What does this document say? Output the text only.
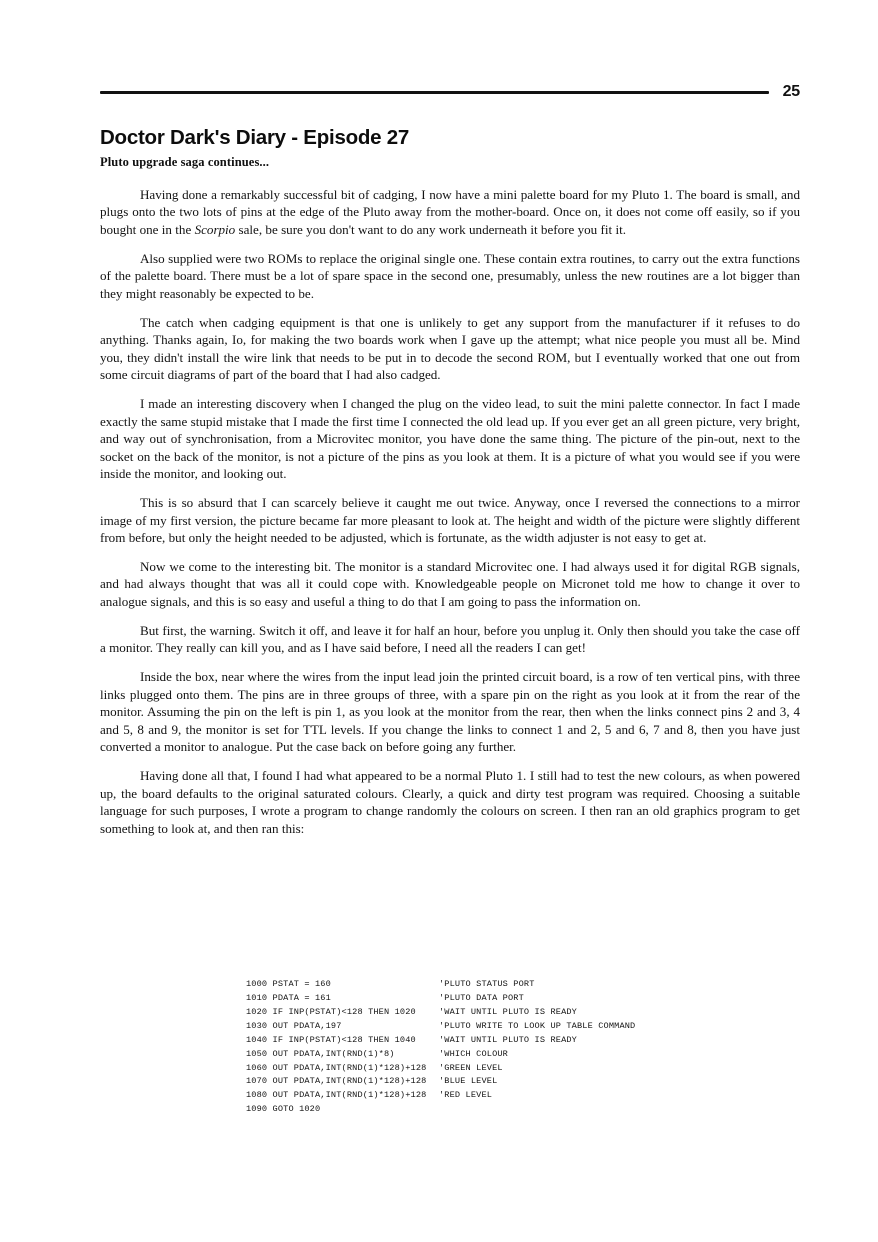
25
Doctor Dark's Diary - Episode 27
Pluto upgrade saga continues...

Having done a remarkably successful bit of cadging, I now have a mini palette board for my Pluto 1. The board is small, and plugs onto the two lots of pins at the edge of the Pluto away from the mother-board. Once on, it does not come off easily, so if you bought one in the Scorpio sale, be sure you don't want to do any work underneath it before you fit it.

Also supplied were two ROMs to replace the original single one. These contain extra routines, to carry out the extra functions of the palette board. There must be a lot of spare space in the second one, presumably, unless the new routines are a lot bigger than they might reasonably be expected to be.

The catch when cadging equipment is that one is unlikely to get any support from the manufacturer if it refuses to do anything. Thanks again, Io, for making the two boards work when I gave up the attempt; what nice people you must all be. Mind you, they didn't install the wire link that needs to be put in to decode the second ROM, but I eventually worked that one out from some circuit diagrams of part of the board that I had also cadged.

I made an interesting discovery when I changed the plug on the video lead, to suit the mini palette connector. In fact I made exactly the same stupid mistake that I made the first time I connected the old lead up. If you ever get an all green picture, very bright, and way out of synchronisation, from a Microvitec monitor, you have done the same thing. The picture of the pin-out, next to the socket on the back of the monitor, is not a picture of the pins as you look at them. It is a picture of what you would see if you were inside the monitor, and looking out.

This is so absurd that I can scarcely believe it caught me out twice. Anyway, once I reversed the connections to a mirror image of my first version, the picture became far more pleasant to look at. The height and width of the picture were slightly different from before, but only the height needed to be adjusted, which is fortunate, as the width adjuster is not easy to get at.

Now we come to the interesting bit. The monitor is a standard Microvitec one. I had always used it for digital RGB signals, and had always thought that was all it could cope with. Knowledgeable people on Micronet told me how to change it over to analogue signals, and this is so easy and useful a thing to do that I am going to pass the information on.

But first, the warning. Switch it off, and leave it for half an hour, before you unplug it. Only then should you take the case off a monitor. They really can kill you, and as I have said before, I need all the readers I can get!

Inside the box, near where the wires from the input lead join the printed circuit board, is a row of ten vertical pins, with three links plugged onto them. The pins are in three groups of three, with a spare pin on the right as you look at it from the rear of the monitor. Assuming the pin on the left is pin 1, as you look at the monitor from the rear, then when the links connect pins 2 and 3, 4 and 5, 8 and 9, the monitor is set for TTL levels. If you change the links to connect 1 and 2, 5 and 6, 7 and 8, then you have just converted a monitor to analogue. Put the case back on before going any further.

Having done all that, I found I had what appeared to be a normal Pluto 1. I still had to test the new colours, as when powered up, the board defaults to the original saturated colours. Clearly, a quick and dirty test program was required. Choosing a suitable language for such purposes, I wrote a program to change randomly the colours on screen. I then ran an old graphics program to get something to look at, and then ran this:

1000 PSTAT = 160	'PLUTO STATUS PORT
1010 PDATA = 161	'PLUTO DATA PORT
1020 IF INP(PSTAT)<128 THEN 1020	'WAIT UNTIL PLUTO IS READY
1030 OUT PDATA,197	'PLUTO WRITE TO LOOK UP TABLE COMMAND
1040 IF INP(PSTAT)<128 THEN 1040	'WAIT UNTIL PLUTO IS READY
1050 OUT PDATA,INT(RND(1)*8)	'WHICH COLOUR
1060 OUT PDATA,INT(RND(1)*128)+128	'GREEN LEVEL
1070 OUT PDATA,INT(RND(1)*128)+128	'BLUE LEVEL
1080 OUT PDATA,INT(RND(1)*128)+128	'RED LEVEL
1090 GOTO 1020
